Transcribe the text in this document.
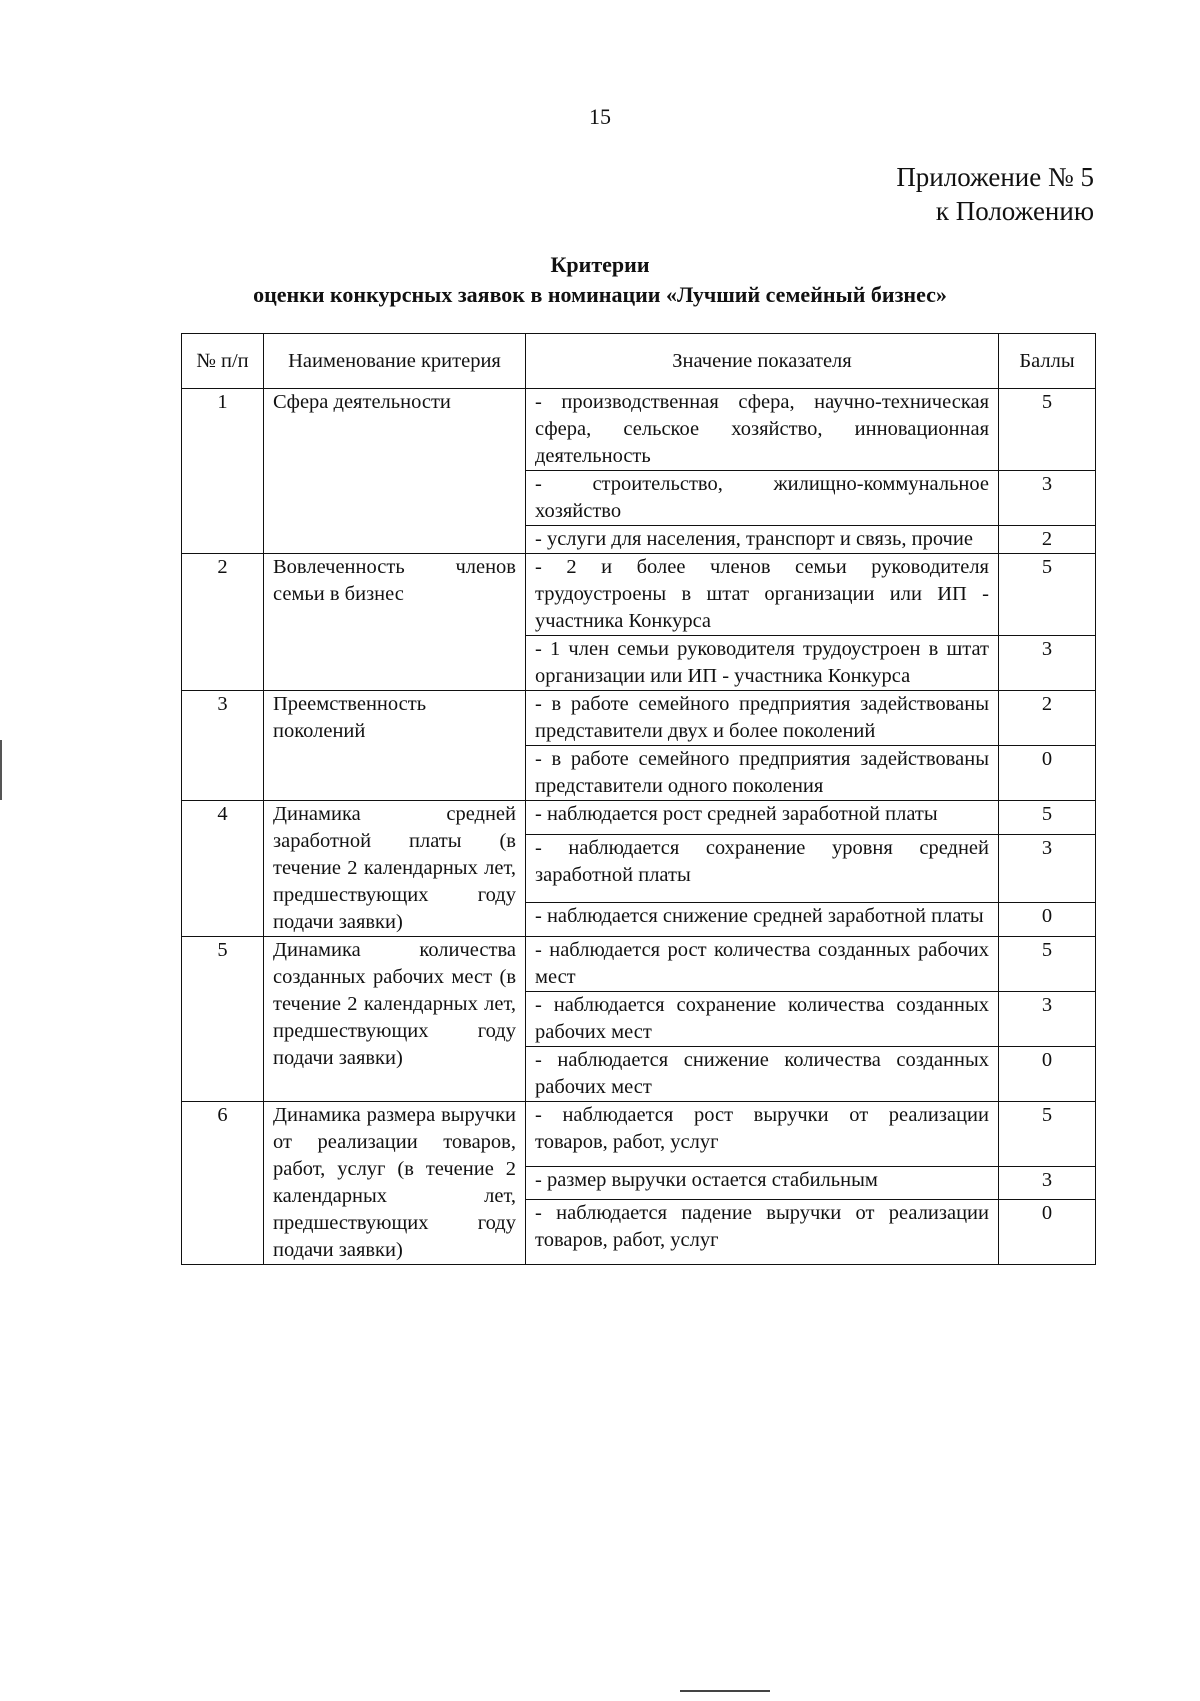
15
Приложение № 5
к Положению
Критерии
оценки конкурсных заявок в номинации «Лучший семейный бизнес»
№ п/п	Наименование критерия	Значение показателя	Баллы
1	Сфера деятельности	- производственная сфера, научно-техническая сфера, сельское хозяйство, инновационная деятельность	5
		- строительство, жилищно-коммунальное хозяйство	3
		- услуги для населения, транспорт и связь, прочие	2
2	Вовлеченность членов семьи в бизнес	- 2 и более членов семьи руководителя трудоустроены в штат организации или ИП - участника Конкурса	5
		- 1 член семьи руководителя трудоустроен в штат организации или ИП - участника Конкурса	3
3	Преемственность поколений	- в работе семейного предприятия задействованы представители двух и более поколений	2
		- в работе семейного предприятия задействованы представители одного поколения	0
4	Динамика средней заработной платы (в течение 2 календарных лет, предшествующих году подачи заявки)	- наблюдается рост средней заработной платы	5
		- наблюдается сохранение уровня средней заработной платы	3
		- наблюдается снижение средней заработной платы	0
5	Динамика количества созданных рабочих мест (в течение 2 календарных лет, предшествующих году подачи заявки)	- наблюдается рост количества созданных рабочих мест	5
		- наблюдается сохранение количества созданных рабочих мест	3
		- наблюдается снижение количества созданных рабочих мест	0
6	Динамика размера выручки от реализации товаров, работ, услуг (в течение 2 календарных лет, предшествующих году подачи заявки)	- наблюдается рост выручки от реализации товаров, работ, услуг	5
		- размер выручки остается стабильным	3
		- наблюдается падение выручки от реализации товаров, работ, услуг	0
